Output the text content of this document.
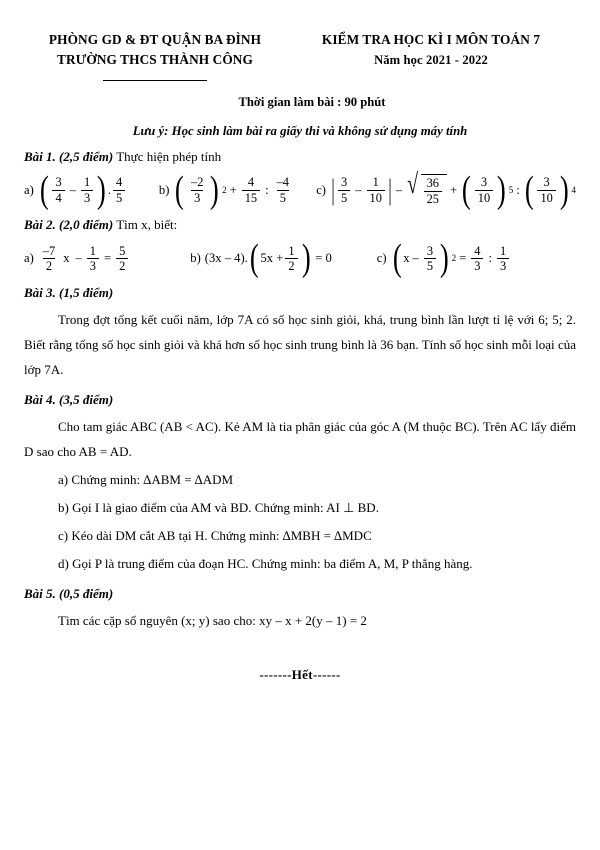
PHÒNG GD & ĐT QUẬN BA ĐÌNH
TRƯỜNG THCS THÀNH CÔNG
KIỂM TRA HỌC KÌ I MÔN TOÁN 7
Năm học 2021 - 2022
Thời gian làm bài : 90 phút
Lưu ý: Học sinh làm bài ra giấy thi và không sử dụng máy tính
Bài 1. (2,5 điểm) Thực hiện phép tính
a) ( $\frac{3}{4} - \frac{1}{3}$ ) . $\frac{4}{5}$	b) ( $\frac{-2}{3}$ ) $2 + \frac{4}{15}$ : $\frac{-4}{5} c$) | $\frac{3}{5} - \frac{1}{10}$ | – √ $\frac{36}{25}$ + ( $\frac{3}{10}$ ) 5 : ( $\frac{3}{10}$ ) 4
Bài 2. (2,0 điểm) Tìm x, biết:
$a) \frac{-7}{2}$ $x - \frac{1}{3} = \frac{5}{2}$	b) (3x – 4). ( $5x + \frac{1}{2}$ ) = 0	c) ( x – $\frac{3}{5}$ ) $2 = \frac{4}{3}$ : $\frac{1}{3}$
Bài 3. (1,5 điểm)
Trong đợt tổng kết cuối năm, lớp 7A có số học sinh giỏi, khá, trung bình lần lượt tỉ lệ với 6; 5; 2. Biết rằng tổng số học sinh giỏi và khá hơn số học sinh trung bình là 36 bạn. Tính số học sinh mỗi loại của lớp 7A.
Bài 4. (3,5 điểm)
Cho tam giác ABC (AB < AC). Kẻ AM là tia phân giác của góc A (M thuộc BC). Trên AC lấy điểm D sao cho AB = AD.
a) Chứng minh: ∆ABM = ∆ADM
b) Gọi I là giao điểm của AM và BD. Chứng minh: AI ⊥ BD.
c) Kéo dài DM cắt AB tại H. Chứng minh: ∆MBH = ∆MDC
d) Gọi P là trung điểm của đoạn HC. Chứng minh: ba điểm A, M, P thẳng hàng.
Bài 5. (0,5 điểm)
Tìm các cặp số nguyên (x; y) sao cho: xy – x + 2(y – 1) = 2
-------Hết------
